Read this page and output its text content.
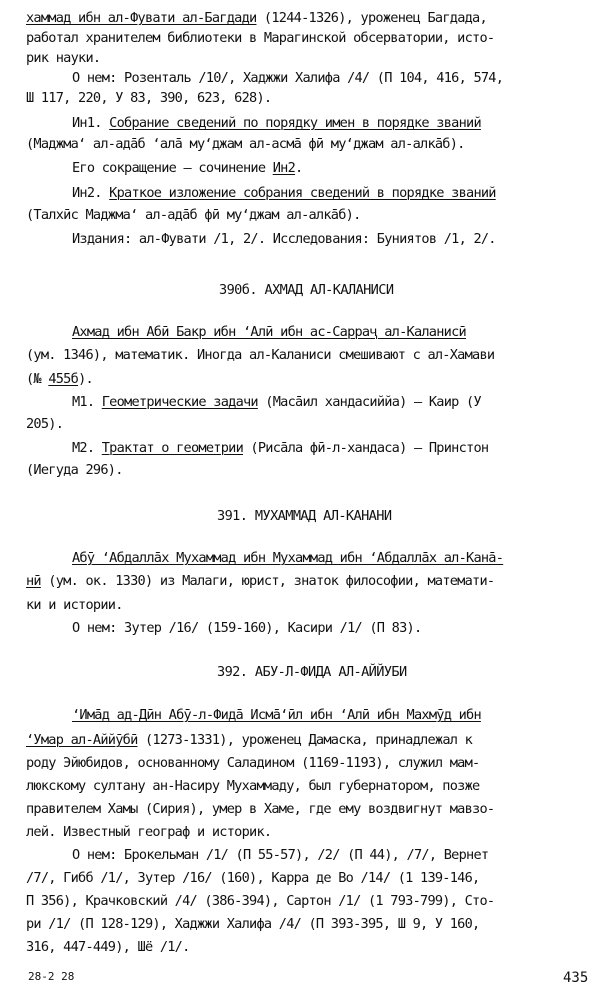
хаммад ибн ал-Фувати ал-Багдади (1244-1326), уроженец Багдада,
работал хранителем библиотеки в Марагинской обсерватории, исто-
рик науки.
О нем: Розенталь /10/, Хаджжи Халифа /4/ (П 104, 416, 574,
Ш 117, 220, У 83, 390, 623, 628).
Ин1. Собрание сведений по порядку имен в порядке званий
(Маджма‘ ал-адāб ‘алā му‘джам ал-асмā фӣ му‘джам ал-алкāб).
Его сокращение – сочинение Ин2.
Ин2. Краткое изложение собрания сведений в порядке званий
(Талхӣс Маджма‘ ал-адāб фӣ му‘джам ал-алкāб).
Издания: ал-Фувати /1, 2/. Исследования: Буниятов /1, 2/.
390б. АХМАД АЛ-КАЛАНИСИ
Ахмад ибн Абӣ Бакр ибн ‘Алӣ ибн ас-Сарраҷ ал-Каланисӣ
(ум. 1346), математик. Иногда ал-Каланиси смешивают с ал-Хамави
(№ 455б).
М1. Геометрические задачи (Масāил хандасиййа) – Каир (У
205).
М2. Трактат о геометрии (Рисāла фӣ-л-хандаса) – Принстон
(Иегуда 296).
391. МУХАММАД АЛ-КАНАНИ
Абӯ ‘Абдаллāх Мухаммад ибн Мухаммад ибн ‘Абдаллāх ал-Канā-
нӣ (ум. ок. 1330) из Малаги, юрист, знаток философии, математи-
ки и истории.
О нем: Зутер /16/ (159-160), Касири /1/ (П 83).
392. АБУ-Л-ФИДА АЛ-АЙЙУБИ
‘Имāд ад-Дӣн Абӯ-л-Фидā Исмā‘ӣл ибн ‘Алӣ ибн Махмӯд ибн
‘Умар ал-Аййӯбӣ (1273-1331), уроженец Дамаска, принадлежал к
роду Эйюбидов, основанному Саладином (1169-1193), служил мам-
люкскому султану ан-Насиру Мухаммаду, был губернатором, позже
правителем Хамы (Сирия), умер в Хаме, где ему воздвигнут мавзо-
лей. Известный географ и историк.
О нем: Брокельман /1/ (П 55-57), /2/ (П 44), /7/, Вернет
/7/, Гибб /1/, Зутер /16/ (160), Карра де Во /14/ (1 139-146,
П 356), Крачковский /4/ (386-394), Сартон /1/ (1 793-799), Сто-
ри /1/ (П 128-129), Хаджжи Халифа /4/ (П 393-395, Ш 9, У 160,
316, 447-449), Шё /1/.
28-2 28	435
